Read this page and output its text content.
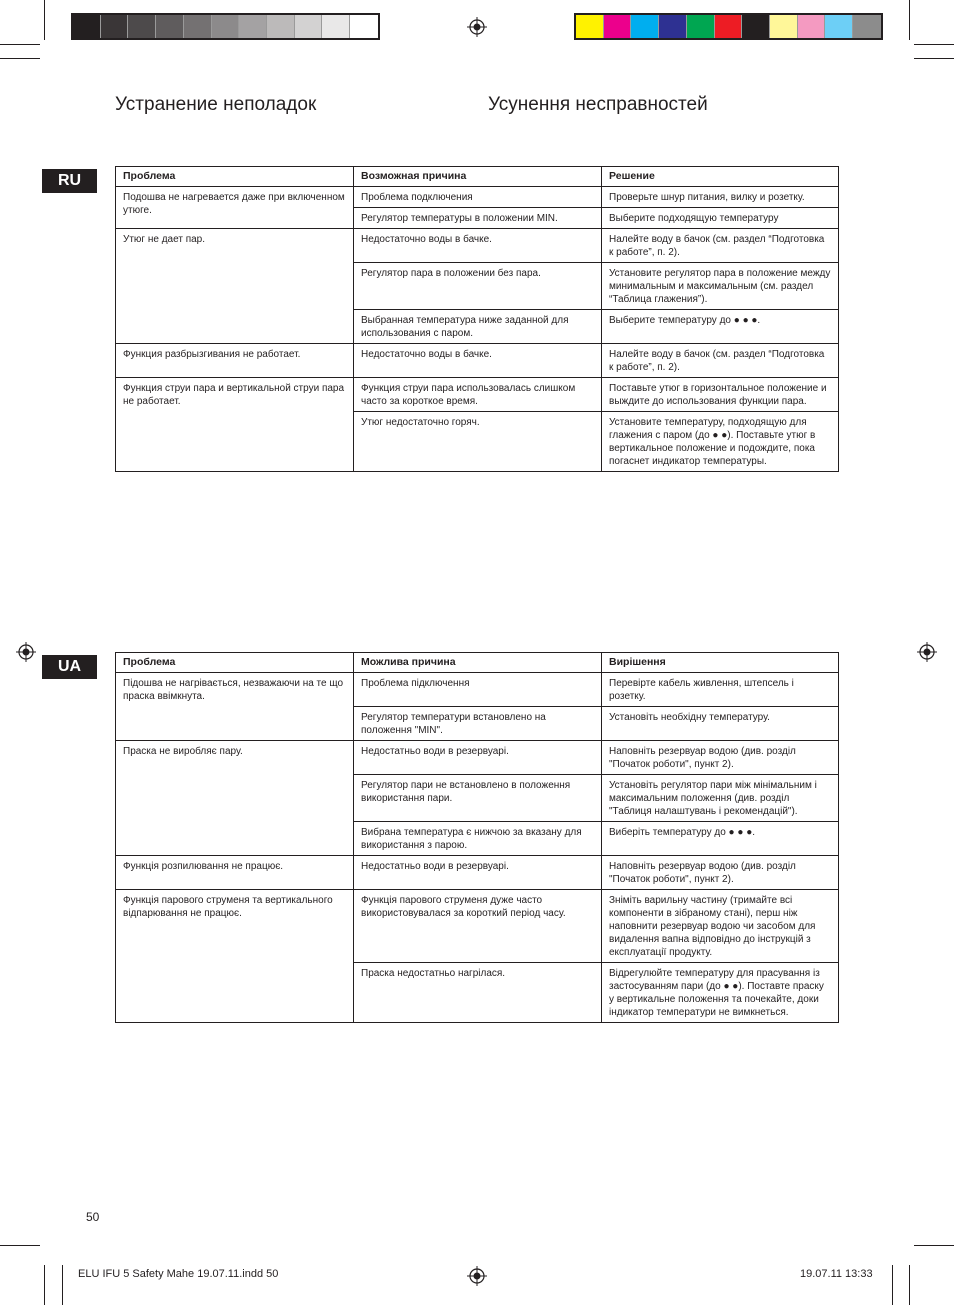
Устранение неполадок	Усунення несправностей
RU	Проблема	Возможная причина	Решение
Подошва не нагревается даже при включенном утюге.	Проблема подключения	Проверьте шнур питания, вилку и розетку.
	Регулятор температуры в положении MIN.	Выберите подходящую температуру
Утюг не дает пар.	Недостаточно воды в бачке.	Налейте воду в бачок (см. раздел “Подготовка к работе”, п. 2).
	Регулятор пара в положении без пара.	Установите регулятор пара в положение между минимальным и максимальным (см. раздел “Таблица глажения”).
	Выбранная температура ниже заданной для использования с паром.	Выберите температуру до ● ● ●.
Функция разбрызгивания не работает.	Недостаточно воды в бачке.	Налейте воду в бачок (см. раздел “Подготовка к работе”, п. 2).
Функция струи пара и вертикальной струи пара не работает.	Функция струи пара использовалась слишком часто за короткое время.	Поставьте утюг в горизонтальное положение и выждите до использования функции пара.
	Утюг недостаточно горяч.	Установите температуру, подходящую для глажения с паром (до ● ●). Поставьте утюг в вертикальное положение и подождите, пока погаснет индикатор температуры.
UA	Проблема	Можлива причина	Вирішення
Підошва не нагрівається, незважаючи на те що праска ввімкнута.	Проблема підключення	Перевірте кабель живлення, штепсель і розетку.
	Регулятор температури встановлено на положення "MIN".	Установіть необхідну температуру.
Праска не виробляє пару.	Недостатньо води в резервуарі.	Наповніть резервуар водою (див. розділ "Початок роботи", пункт 2).
	Регулятор пари не встановлено в положення використання пари.	Установіть регулятор пари між мінімальним і максимальним положення (див. розділ "Таблиця налаштувань і рекомендацій").
	Вибрана температура є нижчою за вказану для використання з парою.	Виберіть температуру до ● ● ●.
Функція розпилювання не працює.	Недостатньо води в резервуарі.	Наповніть резервуар водою (див. розділ "Початок роботи", пункт 2).
Функція парового струменя та вертикального відпарювання не працює.	Функція парового струменя дуже часто використовувалася за короткий період часу.	Зніміть варильну частину (тримайте всі компоненти в зібраному стані), перш ніж наповнити резервуар водою чи засобом для видалення вапна відповідно до інструкцій з експлуатації продукту.
	Праска недостатньо нагрілася.	Відрегулюйте температуру для прасування із застосуванням пари (до ● ●). Поставте праску у вертикальне положення та почекайте, доки індикатор температури не вимкнеться.
50
ELU IFU 5 Safety Mahe 19.07.11.indd 50	19.07.11 13:33
